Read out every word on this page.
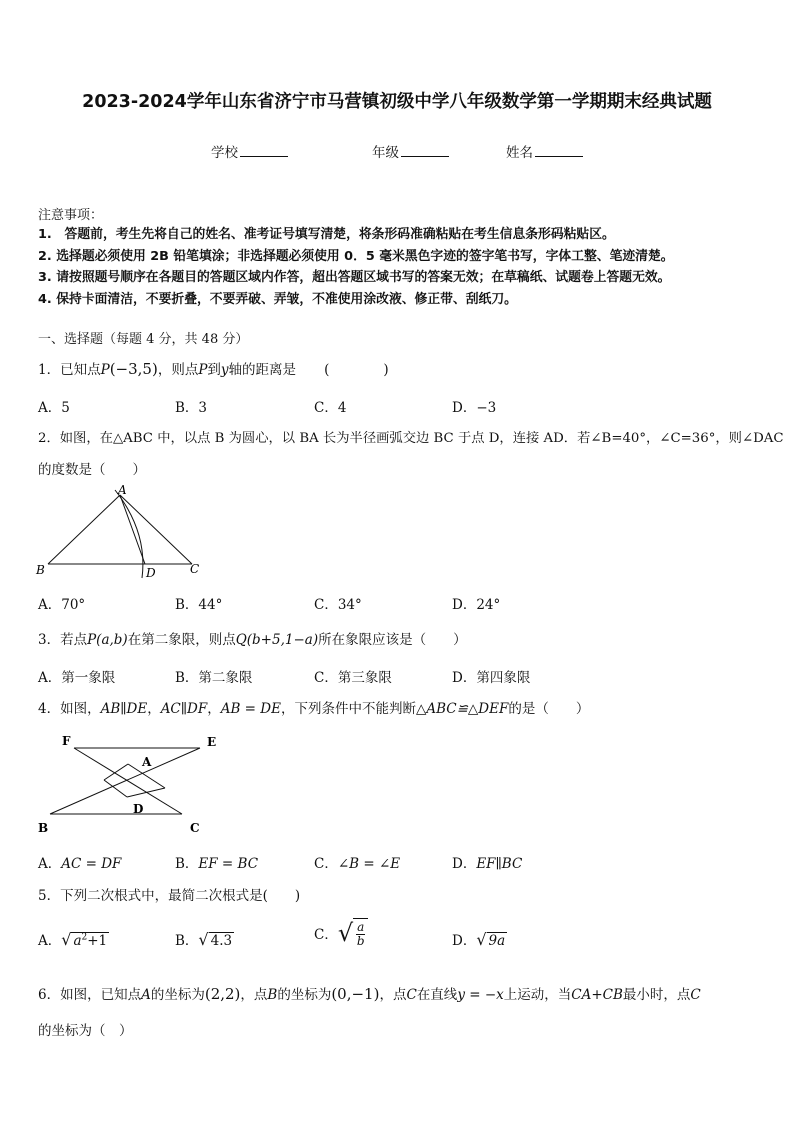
2023-2024学年山东省济宁市马营镇初级中学八年级数学第一学期期末经典试题
学校	年级	姓名
注意事项：
1.　答题前，考生先将自己的姓名、准考证号填写清楚，将条形码准确粘贴在考生信息条形码粘贴区。
2. 选择题必须使用 2B 铅笔填涂；非选择题必须使用 0．5 毫米黑色字迹的签字笔书写，字体工整、笔迹清楚。
3. 请按照题号顺序在各题目的答题区域内作答，超出答题区域书写的答案无效；在草稿纸、试题卷上答题无效。
4. 保持卡面清洁，不要折叠，不要弄破、弄皱，不准使用涂改液、修正带、刮纸刀。
一、选择题（每题 4 分，共 48 分）
1．已知点P(−3,5)，则点P到y轴的距离是 (　　　　)
A．5	B．3	C．4	D．−3
2．如图，在△ABC 中，以点 B 为圆心，以 BA 长为半径画弧交边 BC 于点 D，连接 AD．若∠B=40°，∠C=36°，则∠DAC
的度数是（　　）
A
B	D	C
A．70°	B．44°	C．34°	D．24°
3．若点P(a,b)在第二象限，则点Q(b+5,1−a)所在象限应该是（　　）
A．第一象限	B．第二象限	C．第三象限	D．第四象限
4．如图，AB∥DE，AC∥DF，AB = DE，下列条件中不能判断△ABC≌△DEF的是（　　）
F	E
A
D
B	C
A．AC = DF	B．EF = BC	C．∠B = ∠E	D．EF∥BC
5．下列二次根式中，最简二次根式是(　　)
A．√ $a^2+1$	B．√ 4.3	C．√ $\frac{a}{b}$	D．√ 9a
6．如图，已知点A的坐标为(2,2)，点B的坐标为(0,−1)，点C在直线y = −x上运动，当CA+CB最小时，点C
的坐标为（　）
